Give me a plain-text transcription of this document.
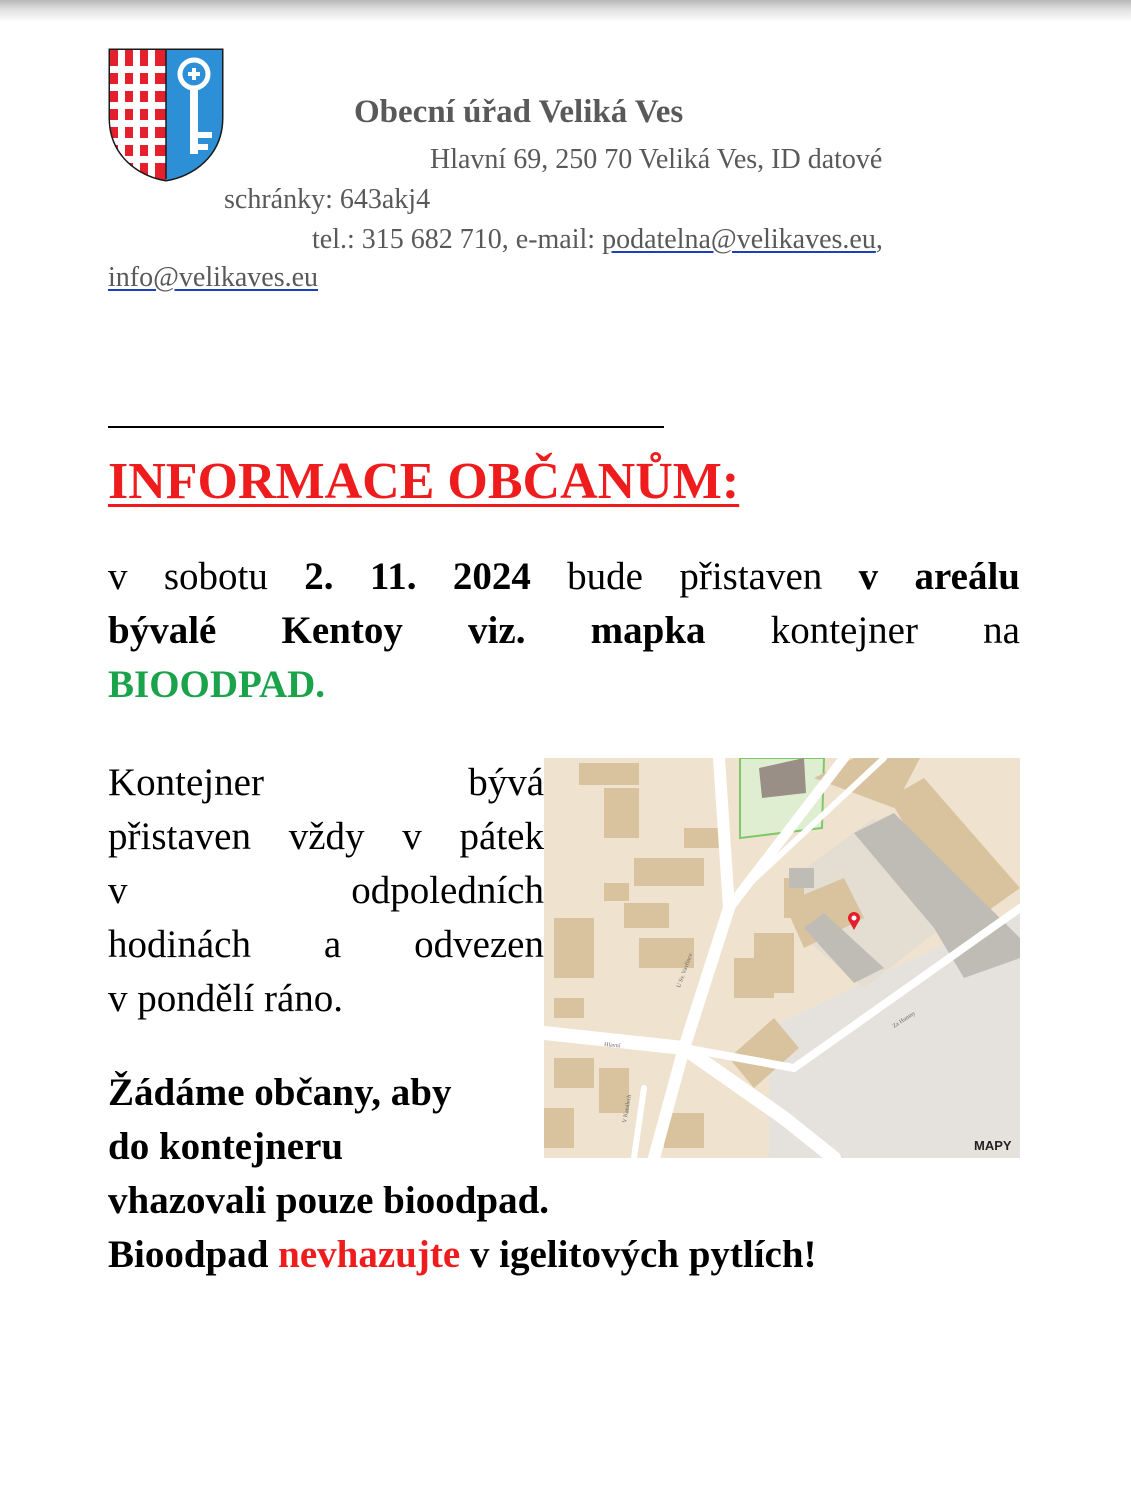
Obecní úřad Veliká Ves
Hlavní 69, 250 70 Veliká Ves, ID datové
schránky: 643akj4
tel.: 315 682 710, e-mail: podatelna@velikaves.eu,
info@velikaves.eu
INFORMACE OBČANŮM:
v sobotu 2. 11. 2024 bude přistaven v areálu
bývalé Kentoy viz. mapka kontejner na
BIOODPAD.
Kontejner	bývá
přistaven vždy v pátek
v	odpoledních
hodinách a odvezen
v pondělí ráno.
Žádáme občany, aby
do kontejneru
vhazovali pouze bioodpad.
Bioodpad nevhazujte v igelitových pytlích!
U Sv. Vavřince
Hlavní
Za Humny
V Kanálech
MAPY
